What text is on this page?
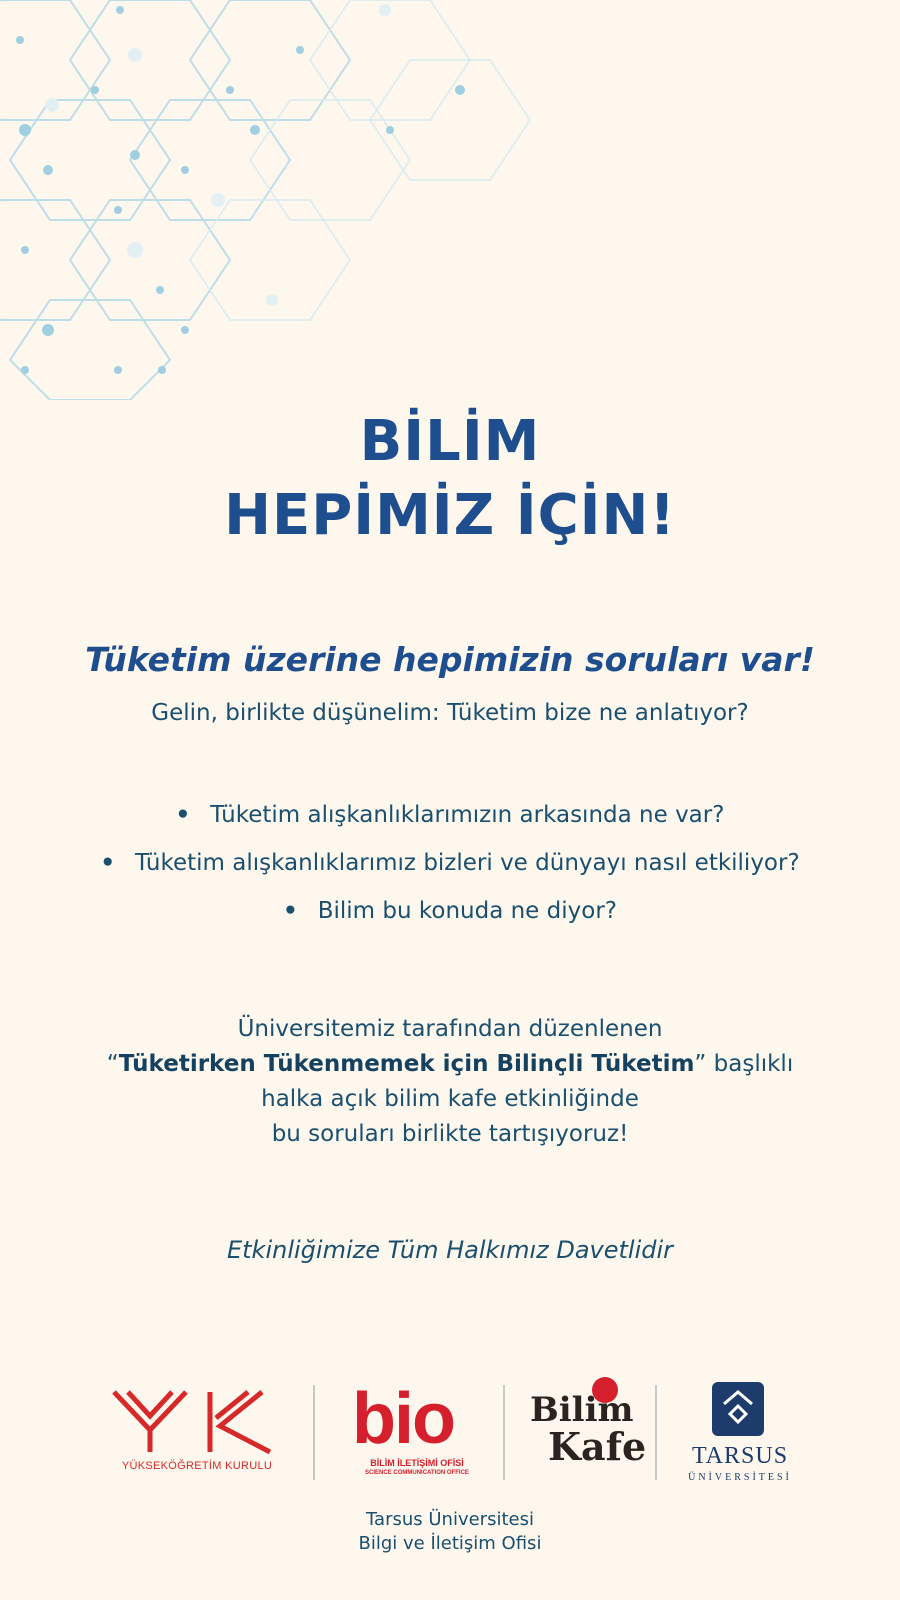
BİLİM
HEPİMİZ İÇİN!
Tüketim üzerine hepimizin soruları var!
Gelin, birlikte düşünelim: Tüketim bize ne anlatıyor?
• Tüketim alışkanlıklarımızın arkasında ne var?
• Tüketim alışkanlıklarımız bizleri ve dünyayı nasıl etkiliyor?
• Bilim bu konuda ne diyor?
Üniversitemiz tarafından düzenlenen
“Tüketirken Tükenmemek için Bilinçli Tüketim” başlıklı
halka açık bilim kafe etkinliğinde
bu soruları birlikte tartışıyoruz!
Etkinliğimize Tüm Halkımız Davetlidir
YÜKSEKÖĞRETİM KURULU
bio
BİLİM İLETİŞİMİ OFİSİ
SCIENCE COMMUNICATION OFFICE
Bilim
Kafe	TARSUS
ÜNİVERSİTESİ
Tarsus Üniversitesi
Bilgi ve İletişim Ofisi
